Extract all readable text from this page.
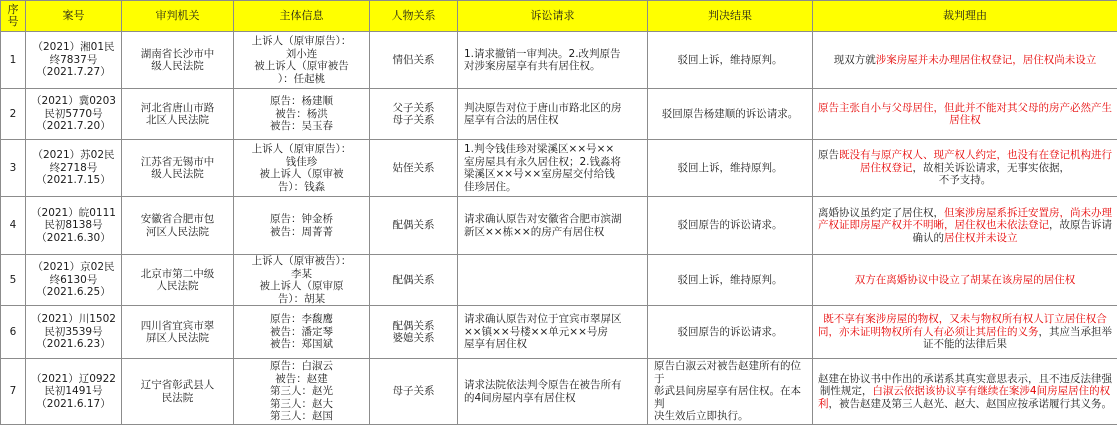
序号	案号	审判机关	主体信息	人物关系	诉讼请求	判决结果	裁判理由
1	（2021）湘01民
终7837号
（2021.7.27）	湖南省长沙市中
级人民法院	上诉人（原审原告）：
刘小连
被上诉人（原审被告
）：任起桃	情侣关系	1.请求撤销一审判决。2.改判原告
对涉案房屋享有共有居住权。	驳回上诉，维持原判。	现双方就涉案房屋并未办理居住权登记，居住权尚未设立
2	（2021）冀0203
民初5770号
（2021.7.20）	河北省唐山市路
北区人民法院	原告：杨建顺
被告：杨洪
被告：吴玉春	父子关系
母子关系	判决原告对位于唐山市路北区的房
屋享有合法的居住权	驳回原告杨建顺的诉讼请求。	原告主张自小与父母居住，但此并不能对其父母的房产必然产生居住权
3	（2021）苏02民
终2718号
（2021.7.15）	江苏省无锡市中
级人民法院	上诉人（原审原告）：
钱佳珍
被上诉人（原审被
告）：钱淼	姑侄关系	1.判令钱佳珍对梁溪区××号××
室房屋具有永久居住权；2.钱淼将
梁溪区××号××室房屋交付给钱
佳珍居住。	驳回上诉，维持原判。	原告既没有与原产权人、现产权人约定，也没有在登记机构进行居住权登记，故相关诉讼请求，无事实依据，
不予支持。
4	（2021）皖0111
民初8138号
（2021.6.30）	安徽省合肥市包
河区人民法院	原告：钟金桥
被告：周菁菁	配偶关系	请求确认原告对安徽省合肥市滨湖
新区××栋××的房产有居住权	驳回原告的诉讼请求。	离婚协议虽约定了居住权，但案涉房屋系拆迁安置房，尚未办理产权证即房屋产权并不明晰，居住权也未依法登记，故原告诉请确认的居住权并未设立
5	（2021）京02民
终6130号
（2021.6.25）	北京市第二中级
人民法院	上诉人（原审被告）：
李某
被上诉人（原审原
告）：胡某	配偶关系		驳回上诉，维持原判。	双方在离婚协议中设立了胡某在该房屋的居住权
6	（2021）川1502
民初3539号
（2021.6.23）	四川省宜宾市翠
屏区人民法院	原告：李馥鹰
被告：潘定琴
被告：郑国斌	配偶关系
婆媳关系	请求确认原告对位于宜宾市翠屏区
××镇××号楼××单元××号房
屋享有居住权	驳回原告的诉讼请求。	既不享有案涉房屋的物权，又未与物权所有权人订立居住权合同，亦未证明物权所有人有必须让其居住的义务，其应当承担举证不能的法律后果
7	（2021）辽0922
民初1491号
（2021.6.17）	辽宁省彰武县人
民法院	原告：白淑云
被告：赵建
第三人：赵光
第三人：赵大
第三人：赵国	母子关系	请求法院依法判令原告在被告所有
的4间房屋内享有居住权	原告白淑云对被告赵建所有的位于
彰武县间房屋享有居住权。在本判
决生效后立即执行。	赵建在协议书中作出的承诺系其真实意思表示，且不违反法律强制性规定，白淑云依据该协议享有继续在案涉4间房屋居住的权利，被告赵建及第三人赵光、赵大、赵国应按承诺履行其义务。
